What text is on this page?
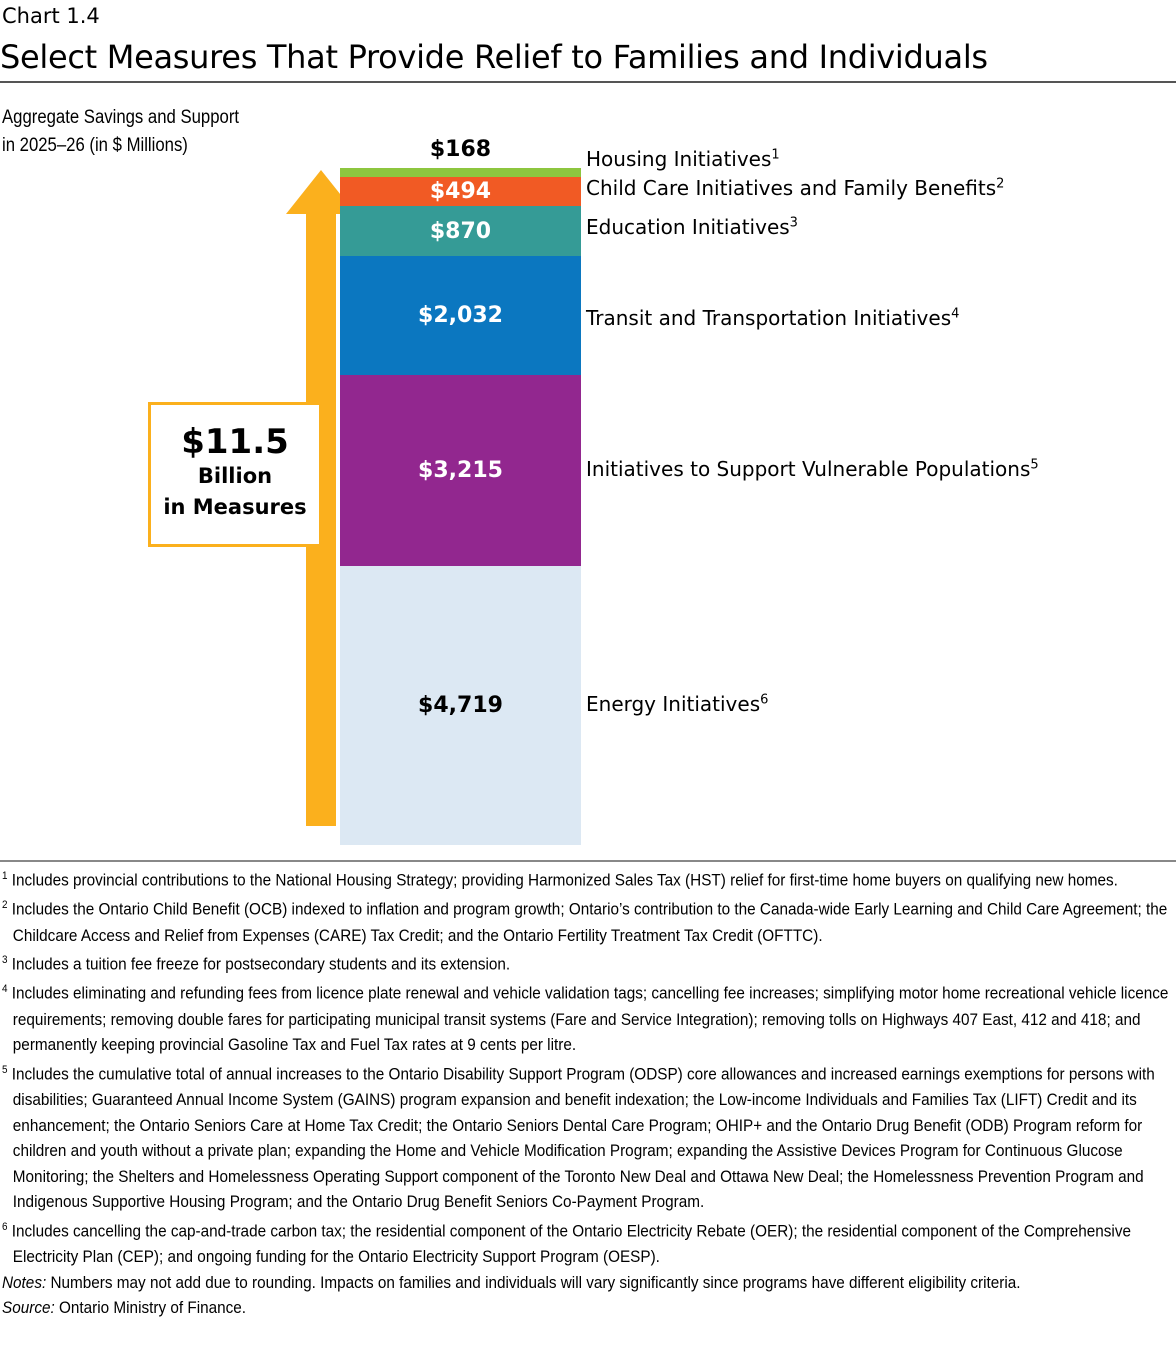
Chart 1.4
Select Measures That Provide Relief to Families and Individuals
Aggregate Savings and Support
in 2025–26 (in $ Millions)	$168
$494
$870
$2,032
$3,215
$4,719
Housing Initiatives$^1$
Child Care Initiatives and Family Benefits$^2$
Education Initiatives$^3$
Transit and Transportation Initiatives$^4$
Initiatives to Support Vulnerable Populations$^5$
Energy Initiatives$^6$
$11.5
Billion
in Measures
$^1$ Includes provincial contributions to the National Housing Strategy; providing Harmonized Sales Tax (HST) relief for first-time home buyers on qualifying new homes.
$^2$ Includes the Ontario Child Benefit (OCB) indexed to inflation and program growth; Ontario’s contribution to the Canada-wide Early Learning and Child Care Agreement; the Childcare Access and Relief from Expenses (CARE) Tax Credit; and the Ontario Fertility Treatment Tax Credit (OFTTC).
$^3$ Includes a tuition fee freeze for postsecondary students and its extension.
$^4$ Includes eliminating and refunding fees from licence plate renewal and vehicle validation tags; cancelling fee increases; simplifying motor home recreational vehicle licence requirements; removing double fares for participating municipal transit systems (Fare and Service Integration); removing tolls on Highways 407 East, 412 and 418; and permanently keeping provincial Gasoline Tax and Fuel Tax rates at 9 cents per litre.
$^5$ Includes the cumulative total of annual increases to the Ontario Disability Support Program (ODSP) core allowances and increased earnings exemptions for persons with disabilities; Guaranteed Annual Income System (GAINS) program expansion and benefit indexation; the Low-income Individuals and Families Tax (LIFT) Credit and its enhancement; the Ontario Seniors Care at Home Tax Credit; the Ontario Seniors Dental Care Program; OHIP+ and the Ontario Drug Benefit (ODB) Program reform for children and youth without a private plan; expanding the Home and Vehicle Modification Program; expanding the Assistive Devices Program for Continuous Glucose Monitoring; the Shelters and Homelessness Operating Support component of the Toronto New Deal and Ottawa New Deal; the Homelessness Prevention Program and Indigenous Supportive Housing Program; and the Ontario Drug Benefit Seniors Co-Payment Program.
$^6$ Includes cancelling the cap-and-trade carbon tax; the residential component of the Ontario Electricity Rebate (OER); the residential component of the Comprehensive Electricity Plan (CEP); and ongoing funding for the Ontario Electricity Support Program (OESP).
Notes: Numbers may not add due to rounding. Impacts on families and individuals will vary significantly since programs have different eligibility criteria.
Source: Ontario Ministry of Finance.
